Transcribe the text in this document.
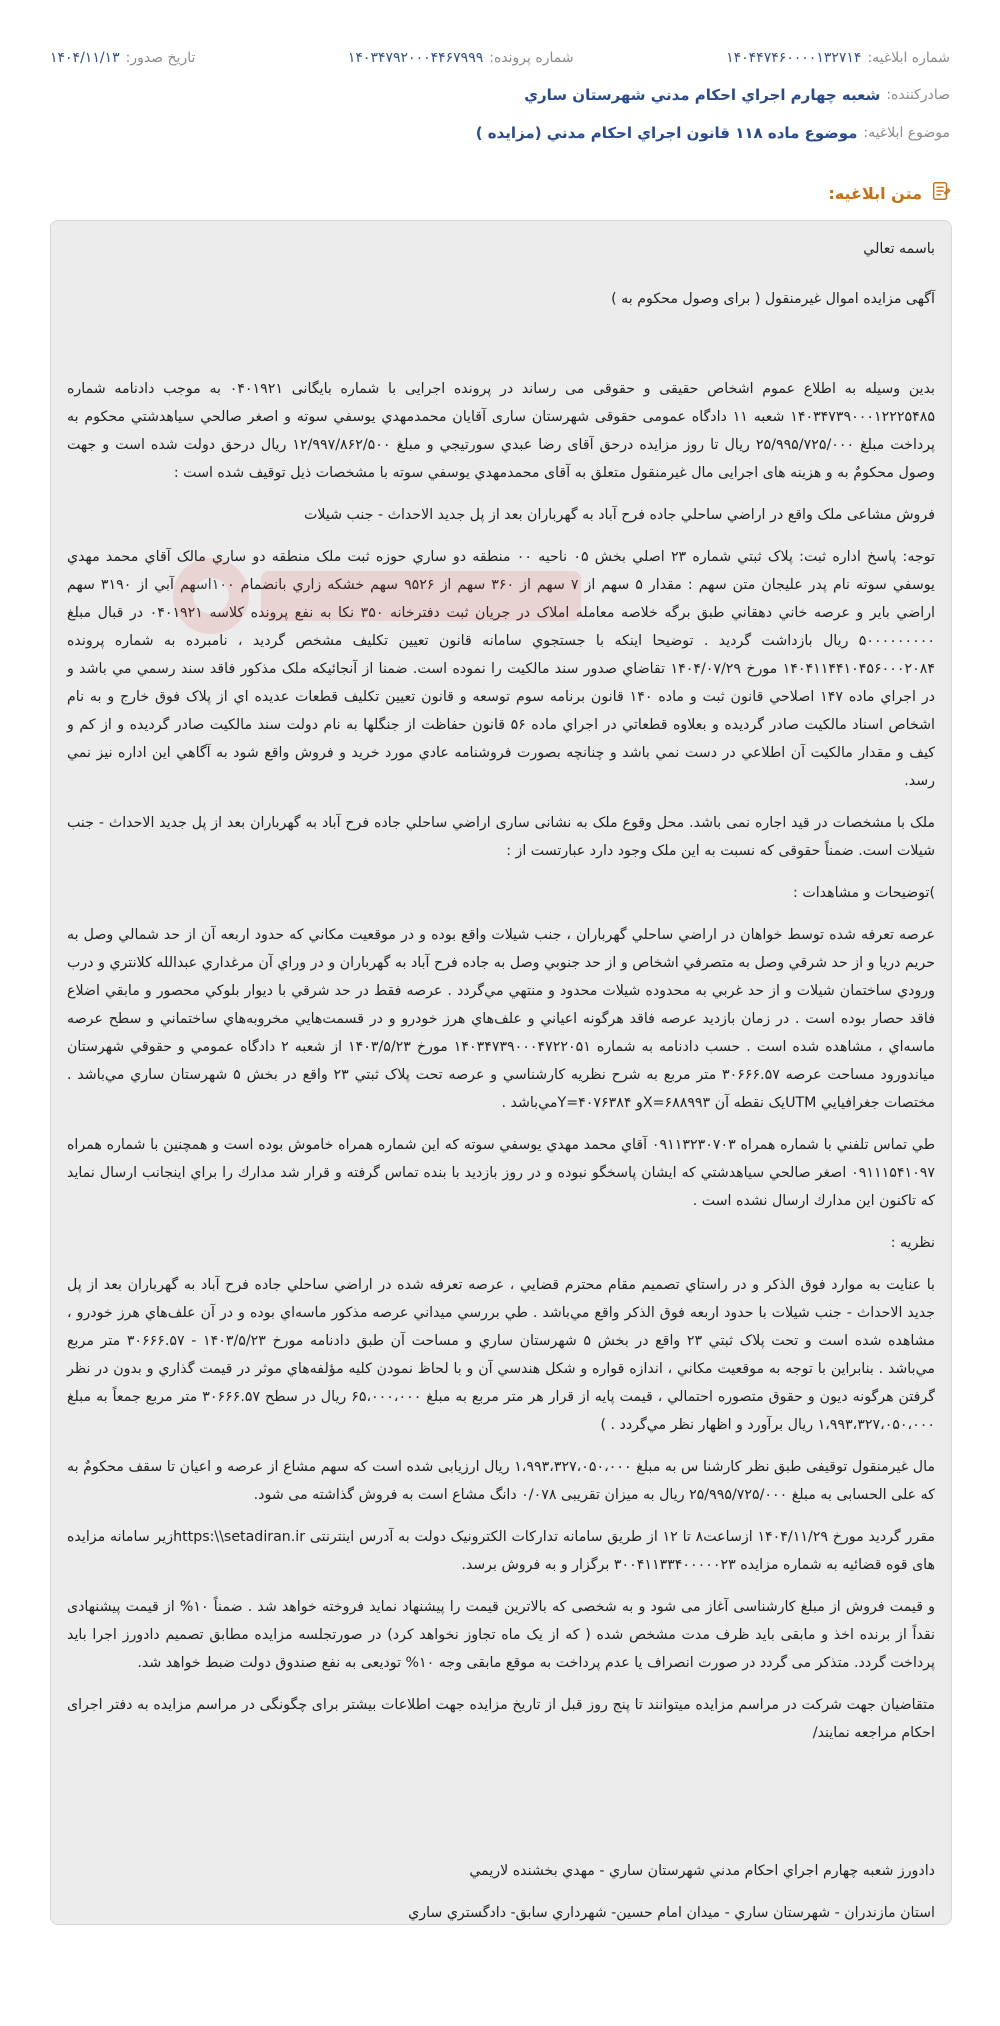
شماره ابلاغيه:
۱۴۰۴۴۷۴۶۰۰۰۰۱۳۲۷۱۴
شماره پرونده:
۱۴۰۳۴۷۹۲۰۰۰۴۴۶۷۹۹۹
تاريخ صدور:
۱۴۰۴/۱۱/۱۳
صادرکننده:
شعبه چهارم اجراي احکام مدني شهرستان ساري
موضوع ابلاغيه:
موضوع ماده ۱۱۸ قانون اجراي احکام مدني (مزايده )
متن ابلاغيه:

باسمه تعالي

آگهی مزایده اموال غیرمنقول ( برای وصول محکوم به )

بدین وسیله به اطلاع عموم اشخاص حقیقی و حقوقی می رساند در پرونده اجرایی با شماره بایگانی ۰۴۰۱۹۲۱ به موجب دادنامه شماره ۱۴۰۳۴۷۳۹۰۰۰۱۲۲۲۵۴۸۵ شعبه ۱۱ دادگاه عمومی حقوقی شهرستان ساری آقایان محمدمهدي يوسفي سوته و اصغر صالحي سياهدشتي محکوم به پرداخت مبلغ ۲۵/۹۹۵/۷۲۵/۰۰۰ ریال تا روز مزایده درحق آقای رضا عبدي سورتيجي و مبلغ ۱۲/۹۹۷/۸۶۲/۵۰۰ ریال درحق دولت شده است و جهت وصول محکومٌ به و هزینه های اجرایی مال غیرمنقول متعلق به آقای محمدمهدي يوسفي سوته با مشخصات ذیل توقیف شده است :

فروش مشاعی ملک واقع در اراضي ساحلي جاده فرح آباد به گهرباران بعد از پل جديد الاحداث - جنب شيلات

توجه: پاسخ اداره ثبت: پلاک ثبتي شماره ۲۳ اصلي بخش ۰۵ ناحيه ۰۰ منطقه دو ساري حوزه ثبت ملک منطقه دو ساري مالک آقاي محمد مهدي يوسفي سوته نام پدر عليجان متن سهم : مقدار ۵ سهم از ۷ سهم از ۳۶۰ سهم از ۹۵۲۶ سهم خشکه زاري بانضمام ۱۰۰اسهم آبي از ۳۱۹۰ سهم اراضي باير و عرصه خاني دهقاني طبق برگه خلاصه معامله املاک در جريان ثبت دفترخانه ۳۵۰ نکا به نفع پرونده کلاسه ۰۴۰۱۹۲۱ در قبال مبلغ ۵۰۰۰۰۰۰۰۰۰ ريال بازداشت گرديد . توضيحا اينکه با جستجوي سامانه قانون تعيين تکليف مشخص گرديد ، نامبرده به شماره پرونده ۱۴۰۴۱۱۴۴۱۰۴۵۶۰۰۰۲۰۸۴ مورخ ۱۴۰۴/۰۷/۲۹ تقاضاي صدور سند مالکيت را نموده است. ضمنا از آنجائيکه ملک مذکور فاقد سند رسمي مي باشد و در اجراي ماده ۱۴۷ اصلاحي قانون ثبت و ماده ۱۴۰ قانون برنامه سوم توسعه و قانون تعيين تکليف قطعات عديده اي از پلاک فوق خارج و به نام اشخاص اسناد مالکيت صادر گرديده و بعلاوه قطعاتي در اجراي ماده ۵۶ قانون حفاظت از جنگلها به نام دولت سند مالکيت صادر گرديده و از کم و کيف و مقدار مالکيت آن اطلاعي در دست نمي باشد و چنانچه بصورت فروشنامه عادي مورد خريد و فروش واقع شود به آگاهي اين اداره نيز نمي رسد.

ملک با مشخصات در قيد اجاره نمی باشد. محل وقوع ملک به نشانی ساری اراضي ساحلي جاده فرح آباد به گهرباران بعد از پل جديد الاحداث - جنب شيلات است. ضمناً حقوقی که نسبت به این ملک وجود دارد عبارتست از :

)توضیحات و مشاهدات :

عرصه تعرفه شده توسط خواهان در اراضي ساحلي گهرباران ، جنب شيلات واقع بوده و در موقعيت مکاني که حدود اربعه آن از حد شمالي وصل به حريم دريا و از حد شرقي وصل به متصرفي اشخاص و از حد جنوبي وصل به جاده فرح آباد به گهرباران و در وراي آن مرغداري عبدالله کلانتري و درب ورودي ساختمان شيلات و از حد غربي به محدوده شيلات محدود و منتهي مي‌گردد . عرصه فقط در حد شرقي با ديوار بلوکي محصور و مابقي اضلاع فاقد حصار بوده است . در زمان بازديد عرصه فاقد هرگونه اعياني و علف‌هاي هرز خودرو و در قسمت‌هايي مخروبه‌هاي ساختماني و سطح عرصه ماسه‌اي ، مشاهده شده است . حسب دادنامه به شماره ۱۴۰۳۴۷۳۹۰۰۰۴۷۲۲۰۵۱ مورخ ۱۴۰۳/۵/۲۳ از شعبه ۲ دادگاه عمومي و حقوقي شهرستان مياندورود مساحت عرصه ۳۰۶۶۶.۵۷ متر مربع به شرح نظريه کارشناسي و عرصه تحت پلاک ثبتي ۲۳ واقع در بخش ۵ شهرستان ساري مي‌باشد . مختصات جغرافيايي UTMيک نقطه آن ۶۸۸۹۹۳=Xو ۴۰۷۶۳۸۴=Yمي‌باشد .

طي تماس تلفني با شماره همراه ۰۹۱۱۳۲۳۰۷۰۳ آقاي محمد مهدي يوسفي سوته که اين شماره همراه خاموش بوده است و همچنين با شماره همراه ۰۹۱۱۱۵۴۱۰۹۷ اصغر صالحي سياهدشتي که ايشان پاسخگو نبوده و در روز بازديد با بنده تماس گرفته و قرار شد مدارك را براي اينجانب ارسال نمايد كه تاكنون اين مدارك ارسال نشده است .

نظريه :

با عنايت به موارد فوق الذکر و در راستاي تصميم مقام محترم قضايي ، عرصه تعرفه شده در اراضي ساحلي جاده فرح آباد به گهرباران بعد از پل جديد الاحداث - جنب شيلات با حدود اربعه فوق الذکر واقع مي‌باشد . طي بررسي ميداني عرصه مذکور ماسه‌اي بوده و در آن علف‌هاي هرز خودرو ، مشاهده شده است و تحت پلاک ثبتي ۲۳ واقع در بخش ۵ شهرستان ساري و مساحت آن طبق دادنامه مورخ ۱۴۰۳/۵/۲۳ - ۳۰۶۶۶.۵۷ متر مربع مي‌باشد . بنابراين با توجه به موقعيت مکاني ، اندازه قواره و شکل هندسي آن و با لحاظ نمودن کليه مؤلفه‌هاي موثر در قيمت گذاري و بدون در نظر گرفتن هرگونه ديون و حقوق متصوره احتمالي ، قيمت پايه از قرار هر متر مربع به مبلغ ۶۵،۰۰۰،۰۰۰ ريال در سطح ۳۰۶۶۶.۵۷ متر مربع جمعاً به مبلغ ۱،۹۹۳،۳۲۷،۰۵۰،۰۰۰ ريال برآورد و اظهار نظر مي‌گردد . )

مال غیرمنقول توقیفی طبق نظر کارشنا س به مبلغ ۱،۹۹۳،۳۲۷،۰۵۰،۰۰۰ ریال ارزیابی شده است که سهم مشاع از عرصه و اعیان تا سقف محکومٌ به که علی الحسابی به مبلغ ۲۵/۹۹۵/۷۲۵/۰۰۰ ریال به میزان تقریبی ۰/۰۷۸ دانگ مشاع است به فروش گذاشته می شود.

مقرر گردید مورخ ۱۴۰۴/۱۱/۲۹ ازساعت۸ تا ۱۲ از طریق سامانه تدارکات الکترونیک دولت به آدرس اینترنتی https:\\setadiran.irزیر سامانه مزایده های قوه قضائیه به شماره مزایده ۳۰۰۴۱۱۳۳۴۰۰۰۰۰۲۳ برگزار و به فروش برسد.

و قیمت فروش از مبلغ کارشناسی آغاز می شود و به شخصی که بالاترین قیمت را پیشنهاد نماید فروخته خواهد شد . ضمناً ۱۰% از قیمت پیشنهادی نقداً از برنده اخذ و مابقی باید ظرف مدت مشخص شده ( که از یک ماه تجاوز نخواهد کرد) در صورتجلسه مزایده مطابق تصمیم دادورز اجرا باید پرداخت گردد. متذکر می گردد در صورت انصراف یا عدم پرداخت به موقع مابقی وجه ۱۰% تودیعی به نفع صندوق دولت ضبط خواهد شد.

متقاضیان جهت شرکت در مراسم مزایده میتوانند تا پنج روز قبل از تاریخ مزایده جهت اطلاعات بیشتر برای چگونگی در مراسم مزایده به دفتر اجرای احکام مراجعه نمایند/

دادورز شعبه چهارم اجراي احکام مدني شهرستان ساري - مهدي بخشنده لاريمي

استان مازندران - شهرستان ساري - ميدان امام حسين- شهرداري سابق- دادگستري ساري
